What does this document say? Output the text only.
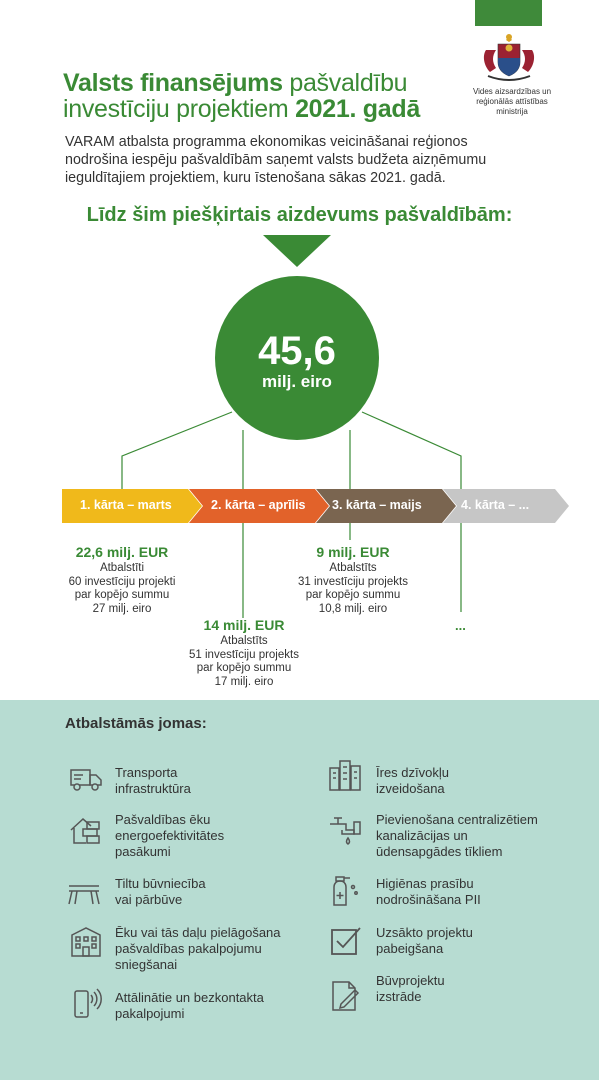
Vides aizsardzības un
reģionālās attīstības
ministrija
Valsts finansējums pašvaldību
investīciju projektiem 2021. gadā
VARAM atbalsta programma ekonomikas veicināšanai reģionos
nodrošina iespēju pašvaldībām saņemt valsts budžeta aizņēmumu
ieguldītajiem projektiem, kuru īstenošana sākas 2021. gadā.
Līdz šim piešķirtais aizdevums pašvaldībām:
45,6
milj. eiro
1. kārta – marts	2. kārta – aprīlis 3. kārta – maijs	4. kārta – ...
22,6 milj. EUR
Atbalstīti
60 investīciju projekti
par kopējo summu
27 milj. eiro
14 milj. EUR
Atbalstīts
51 investīciju projekts
par kopējo summu
17 milj. eiro
9 milj. EUR
Atbalstīts
31 investīciju projekts
par kopējo summu
10,8 milj. eiro
...
Atbalstāmās jomas:
Transporta
infrastruktūra
Pašvaldības ēku
energoefektivitātes
pasākumi
Tiltu būvniecība
vai pārbūve
Ēku vai tās daļu pielāgošana
pašvaldības pakalpojumu
sniegšanai
Attālinātie un bezkontakta
pakalpojumi
Īres dzīvokļu
izveidošana
Pievienošana centralizētiem
kanalizācijas un
ūdensapgādes tīkliem
Higiēnas prasību
nodrošināšana PII
Uzsākto projektu
pabeigšana
Būvprojektu
izstrāde
